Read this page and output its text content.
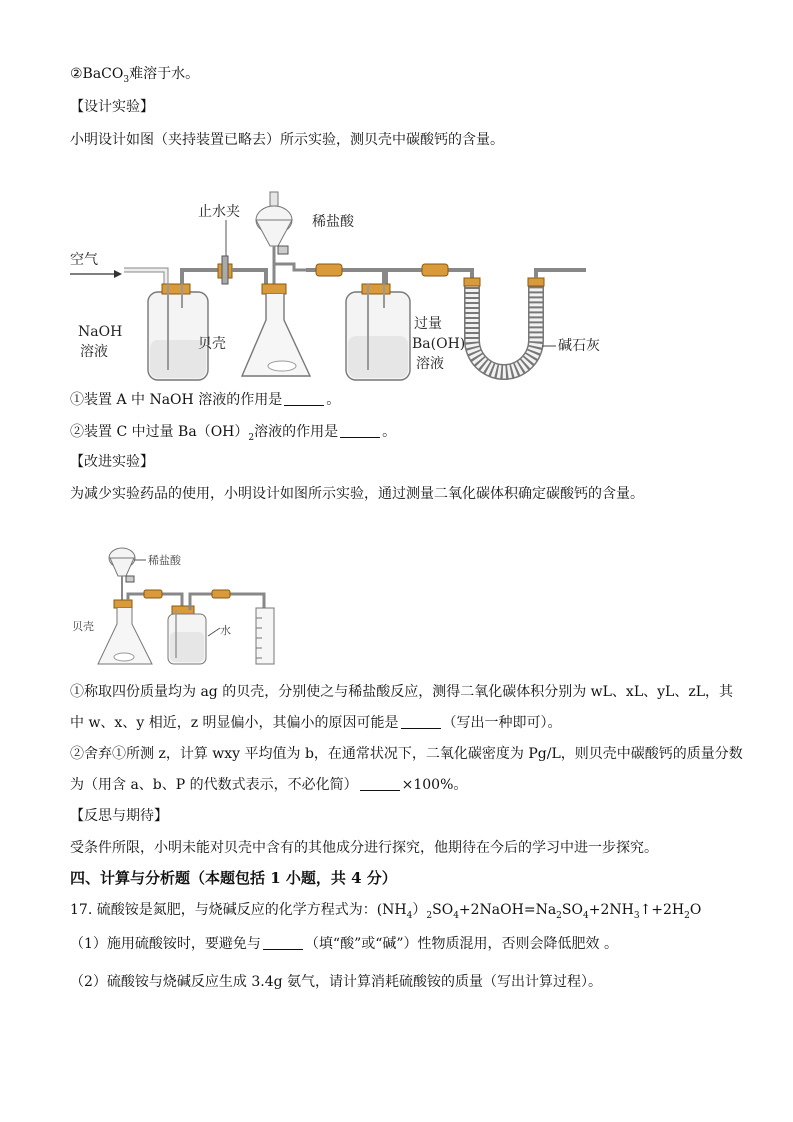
②BaCO$_3$难溶于水。
【设计实验】
小明设计如图（夹持装置已略去）所示实验，测贝壳中碳酸钙的含量。
空气
NaOH
溶液
止水夹
稀盐酸
贝壳
过量
$Ba(OH)_2$
溶液
碱石灰
①装置 A 中 NaOH 溶液的作用是	。
②装置 C 中过量 $Ba(OH)_2$溶液的作用是	。
【改进实验】
为减少实验药品的使用，小明设计如图所示实验，通过测量二氧化碳体积确定碳酸钙的含量。
稀盐酸
贝壳	水
①称取四份质量均为 ag 的贝壳，分别使之与稀盐酸反应，测得二氧化碳体积分别为 wL、xL、yL、zL，其
中 w、x、y 相近，z 明显偏小，其偏小的原因可能是	（写出一种即可）。
②舍弃①所测 z，计算 wxy 平均值为 b，在通常状况下，二氧化碳密度为 Pg/L，则贝壳中碳酸钙的质量分数
为（用含 a、b、P 的代数式表示，不必化简）	×100%。
【反思与期待】
受条件所限，小明未能对贝壳中含有的其他成分进行探究，他期待在今后的学习中进一步探究。
四、计算与分析题（本题包括 1 小题，共 4 分）
17. 硫酸铵是氮肥，与烧碱反应的化学方程式为：$(NH_4)_2SO_4+2NaOH=Na_2SO_4+2NH_3↑+2H_2O$
（1）施用硫酸铵时，要避免与	（填“酸”或“碱”）性物质混用，否则会降低肥效 。
（2）硫酸铵与烧碱反应生成 3.4g 氨气，请计算消耗硫酸铵的质量（写出计算过程）。
